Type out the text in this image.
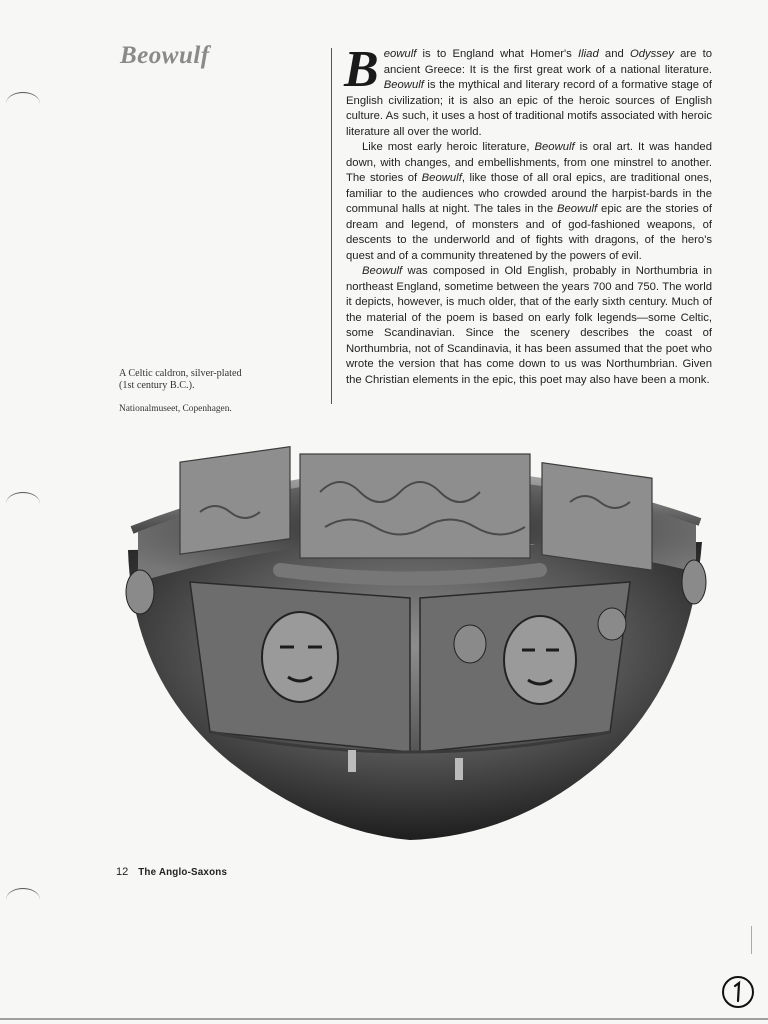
Beowulf	B eowulf is to England what Homer's Iliad and Odyssey are to ancient Greece: It is the first great work of a national literature. Beowulf is the mythical and literary record of a formative stage of English civilization; it is also an epic of the heroic sources of English culture. As such, it uses a host of traditional motifs associated with heroic literature all over the world.

Like most early heroic literature, Beowulf is oral art. It was handed down, with changes, and embellishments, from one minstrel to another. The stories of Beowulf, like those of all oral epics, are traditional ones, familiar to the audiences who crowded around the harpist-bards in the communal halls at night. The tales in the Beowulf epic are the stories of dream and legend, of monsters and of god-fashioned weapons, of descents to the underworld and of fights with dragons, of the hero's quest and of a community threatened by the powers of evil.

Beowulf was composed in Old English, probably in Northumbria in northeast England, sometime between the years 700 and 750. The world it depicts, however, is much older, that of the early sixth century. Much of the material of the poem is based on early folk legends—some Celtic, some Scandinavian. Since the scenery describes the coast of Northumbria, not of Scandinavia, it has been assumed that the poet who wrote the version that has come down to us was Northumbrian. Given the Christian elements in the epic, this poet may also have been a monk.

A Celtic caldron, silver-plated
(1st century B.C.).
Nationalmuseet, Copenhagen.
12 The Anglo-Saxons
